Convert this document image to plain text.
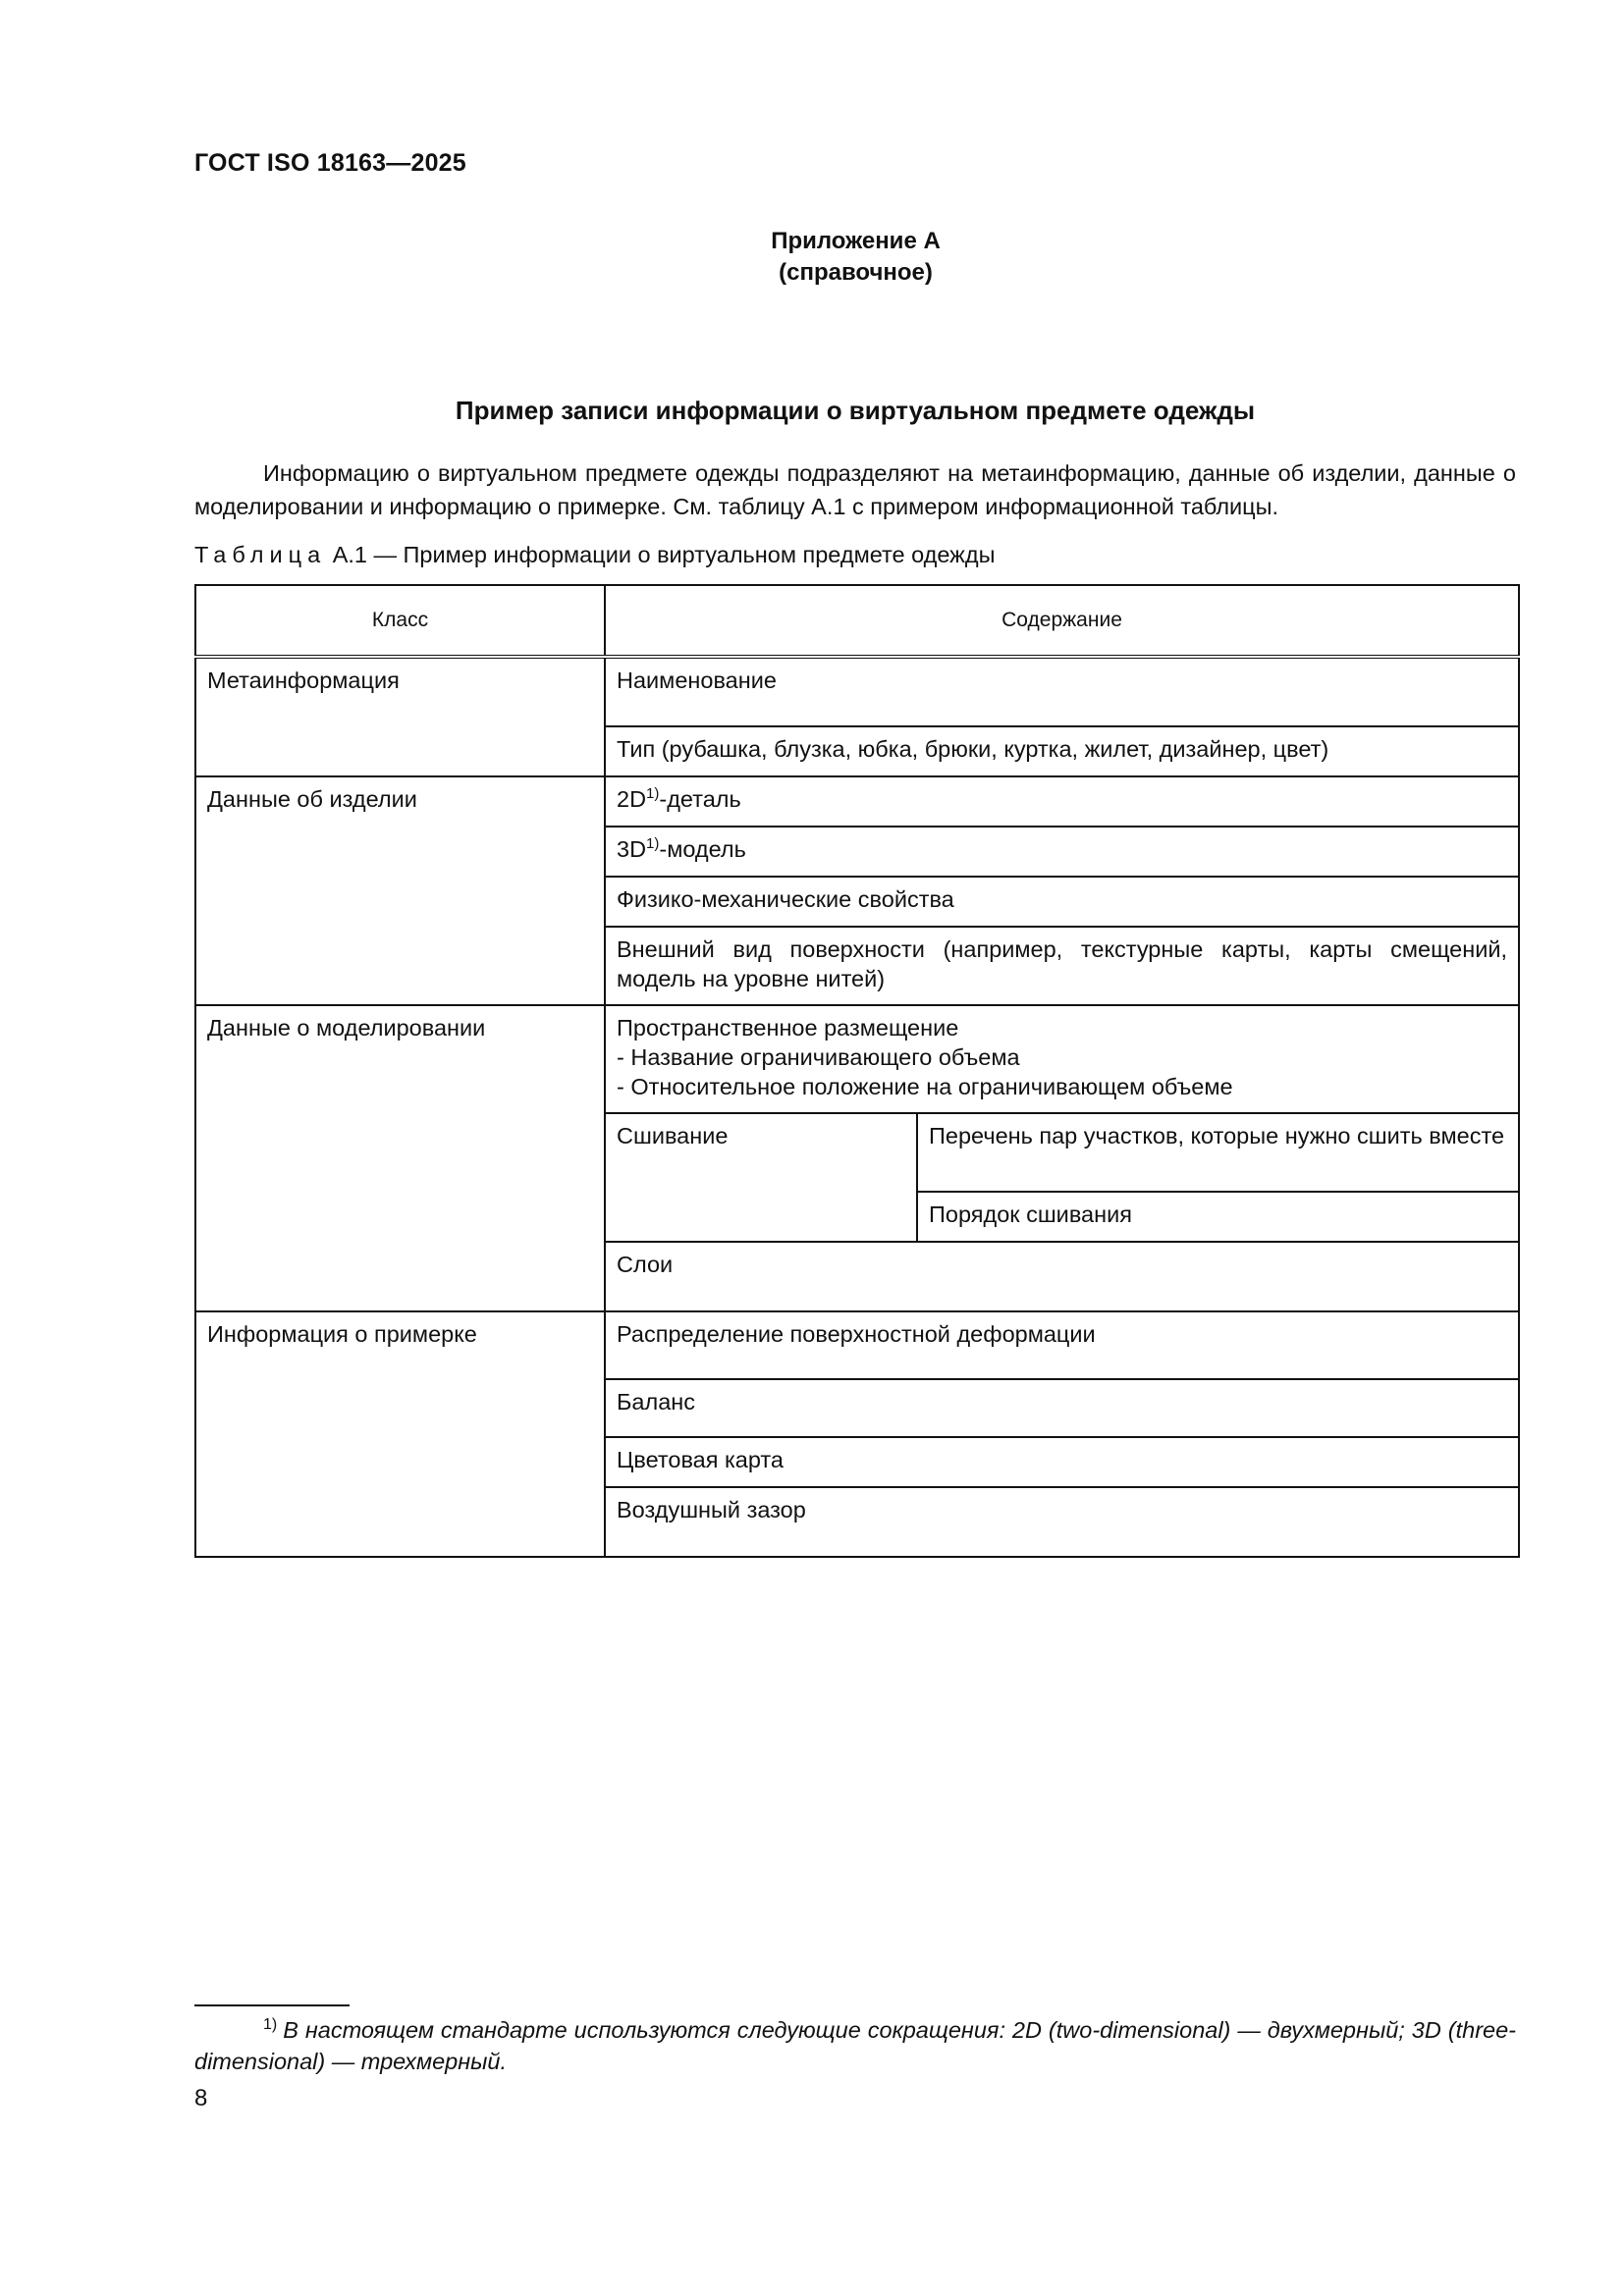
ГОСТ ISO 18163—2025
Приложение А
(справочное)
Пример записи информации о виртуальном предмете одежды

Информацию о виртуальном предмете одежды подразделяют на метаинформацию, данные об изделии, данные о моделировании и информацию о примерке. См. таблицу А.1 с примером информационной таблицы.

Таблица А.1 — Пример информации о виртуальном предмете одежды
Класс	Содержание	
Метаинформация	Наименование	
	Тип (рубашка, блузка, юбка, брюки, куртка, жилет, дизайнер, цвет)	
Данные об изделии	$2D^{1)}$-деталь	
	$3D^{1)}$-модель	
	Физико-механические свойства	
	Внешний вид поверхности (например, текстурные карты, карты смещений, модель на уровне нитей)	
Данные о моделировании	Пространственное размещение
- Название ограничивающего объема
- Относительное положение на ограничивающем объеме	

	Сшивание	Перечень пар участков, которые нужно сшить вместе
		Порядок сшивания
	Слои	
Информация о примерке	Распределение поверхностной деформации	
	Баланс	
	Цветовая карта	
	Воздушный зазор	
$^{1)}$ В настоящем стандарте используются следующие сокращения: 2D (two-dimensional) — двухмерный; 3D (three-dimensional) — трехмерный.
8
